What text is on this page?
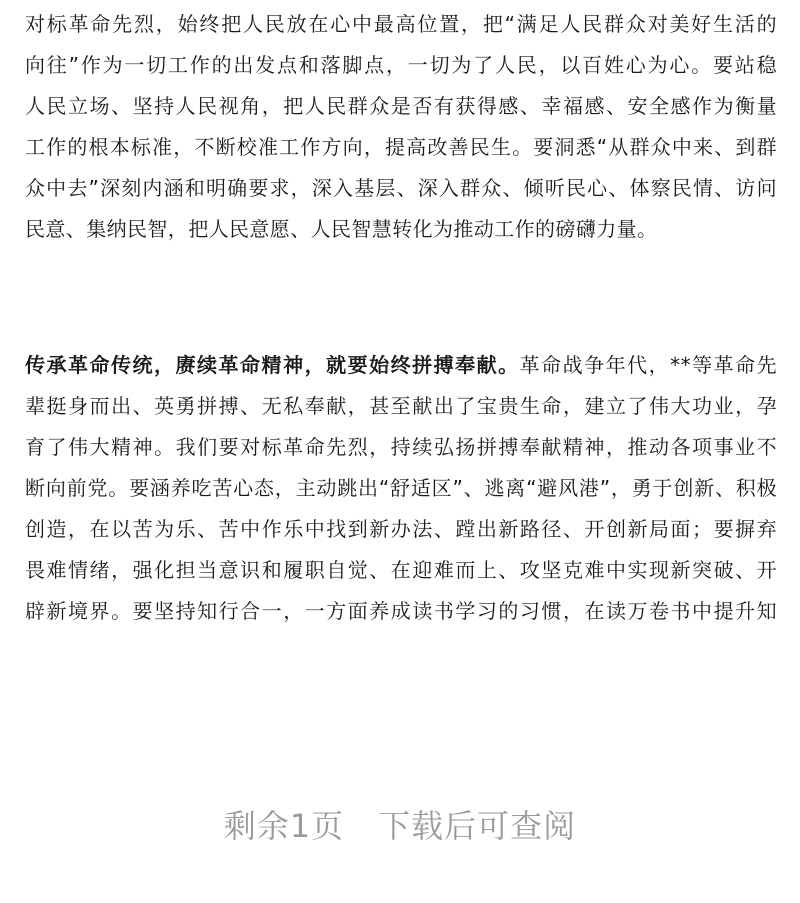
对标革命先烈，始终把人民放在心中最高位置，把“满足人民群众对美好生活的
向往”作为一切工作的出发点和落脚点，一切为了人民，以百姓心为心。要站稳
人民立场、坚持人民视角，把人民群众是否有获得感、幸福感、安全感作为衡量
工作的根本标准，不断校准工作方向，提高改善民生。要洞悉“从群众中来、到群
众中去”深刻内涵和明确要求，深入基层、深入群众、倾听民心、体察民情、访问
民意、集纳民智，把人民意愿、人民智慧转化为推动工作的磅礴力量。
传承革命传统，赓续革命精神，就要始终拼搏奉献。革命战争年代，**等革命先
辈挺身而出、英勇拼搏、无私奉献，甚至献出了宝贵生命，建立了伟大功业，孕
育了伟大精神。我们要对标革命先烈，持续弘扬拼搏奉献精神，推动各项事业不
断向前党。要涵养吃苦心态，主动跳出“舒适区”、逃离“避风港”，勇于创新、积极
创造，在以苦为乐、苦中作乐中找到新办法、蹚出新路径、开创新局面；要摒弃
畏难情绪，强化担当意识和履职自觉、在迎难而上、攻坚克难中实现新突破、开
辟新境界。要坚持知行合一，一方面养成读书学习的习惯，在读万卷书中提升知
剩余1页 下载后可查阅
